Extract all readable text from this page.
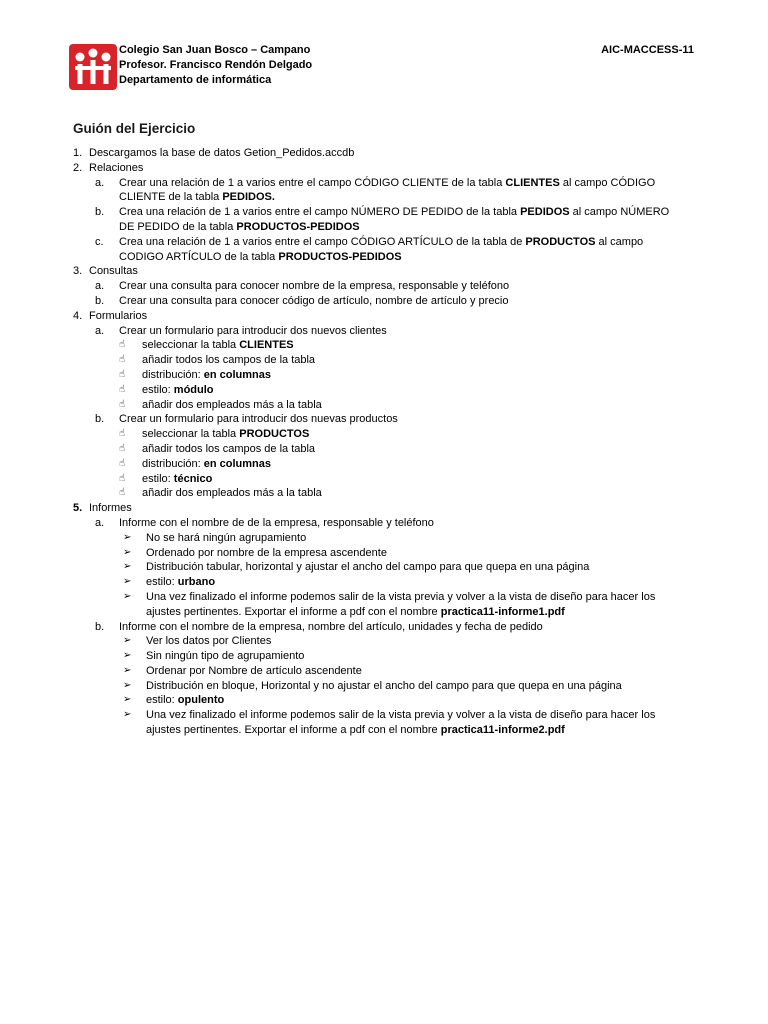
Colegio San Juan Bosco – Campano
Profesor. Francisco Rendón Delgado
Departamento de informática
AIC-MACCESS-11
Guión del Ejercicio
1. Descargamos la base de datos Getion_Pedidos.accdb
2. Relaciones
a. Crear una relación de 1 a varios entre el campo CÓDIGO CLIENTE de la tabla CLIENTES al campo CÓDIGO
CLIENTE de la tabla PEDIDOS.
b. Crea una relación de 1 a varios entre el campo NÚMERO DE PEDIDO de la tabla PEDIDOS al campo NÚMERO
DE PEDIDO de la tabla PRODUCTOS-PEDIDOS
c. Crea una relación de 1 a varios entre el campo CÓDIGO ARTÍCULO de la tabla de PRODUCTOS al campo
CODIGO ARTÍCULO de la tabla PRODUCTOS-PEDIDOS
3. Consultas
a. Crear una consulta para conocer nombre de la empresa, responsable y teléfono
b. Crear una consulta para conocer código de artículo, nombre de artículo y precio
4. Formularios
a. Crear un formulario para introducir dos nuevos clientes
☝ seleccionar la tabla CLIENTES
☝ añadir todos los campos de la tabla
☝ distribución: en columnas
☝ estilo: módulo
☝ añadir dos empleados más a la tabla
b. Crear un formulario para introducir dos nuevas productos
☝ seleccionar la tabla PRODUCTOS
☝ añadir todos los campos de la tabla
☝ distribución: en columnas
☝ estilo: técnico
☝ añadir dos empleados más a la tabla
5. Informes
a. Informe con el nombre de de la empresa, responsable y teléfono
➢ No se hará ningún agrupamiento
➢ Ordenado por nombre de la empresa ascendente
➢ Distribución tabular, horizontal y ajustar el ancho del campo para que quepa en una página
➢ estilo: urbano
➢ Una vez finalizado el informe podemos salir de la vista previa y volver a la vista de diseño para hacer los
ajustes pertinentes. Exportar el informe a pdf con el nombre practica11-informe1.pdf
b. Informe con el nombre de la empresa, nombre del artículo, unidades y fecha de pedido
➢ Ver los datos por Clientes
➢ Sin ningún tipo de agrupamiento
➢ Ordenar por Nombre de artículo ascendente
➢ Distribución en bloque, Horizontal y no ajustar el ancho del campo para que quepa en una página
➢ estilo: opulento
➢ Una vez finalizado el informe podemos salir de la vista previa y volver a la vista de diseño para hacer los
ajustes pertinentes. Exportar el informe a pdf con el nombre practica11-informe2.pdf
